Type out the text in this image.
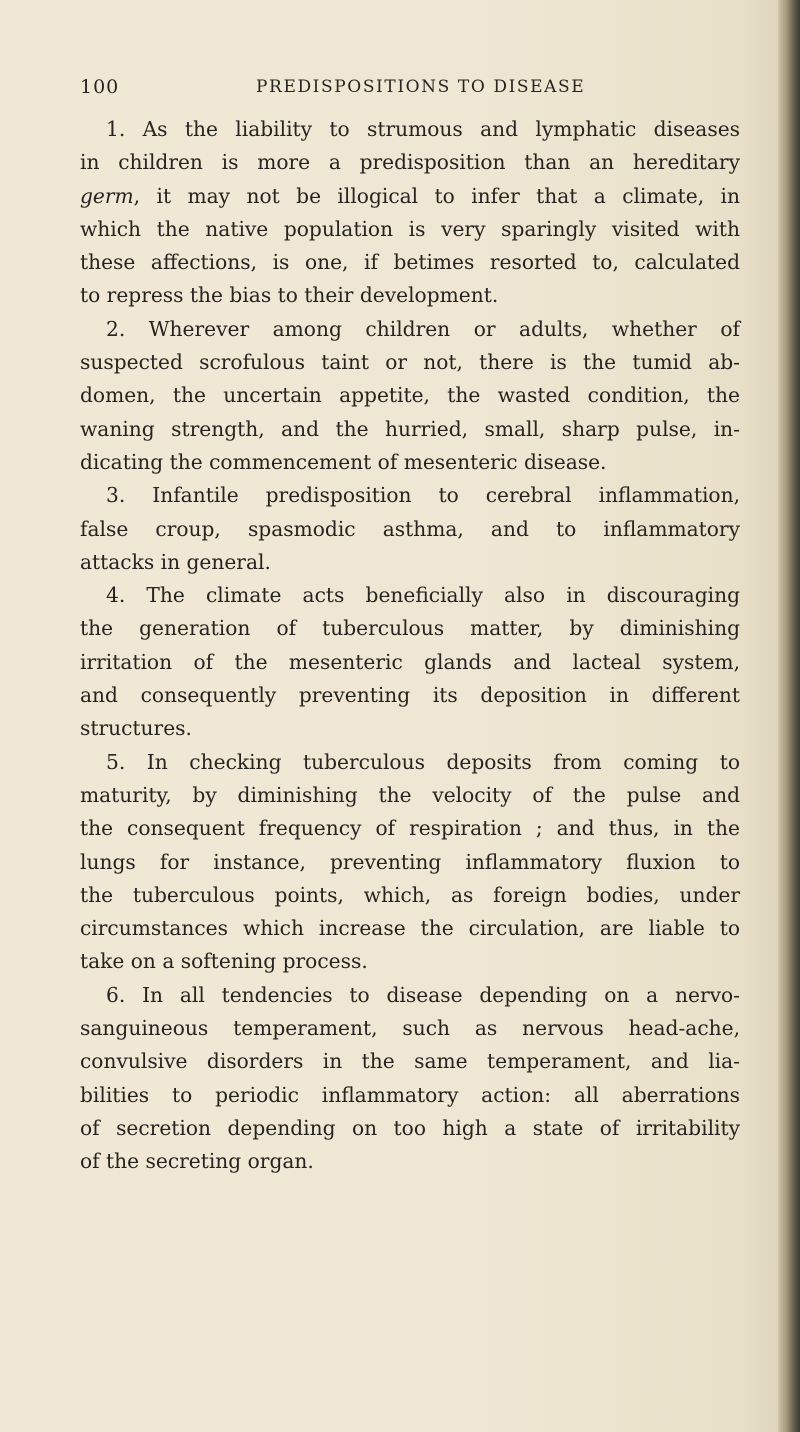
100	PREDISPOSITIONS TO DISEASE
1. As the liability to strumous and lymphatic diseases
in children is more a predisposition than an hereditary
germ, it may not be illogical to infer that a climate, in
which the native population is very sparingly visited with
these affections, is one, if betimes resorted to, calculated
to repress the bias to their development.
2. Wherever among children or adults, whether of
suspected scrofulous taint or not, there is the tumid ab-
domen, the uncertain appetite, the wasted condition, the
waning strength, and the hurried, small, sharp pulse, in-
dicating the commencement of mesenteric disease.
3. Infantile predisposition to cerebral inflammation,
false croup, spasmodic asthma, and to inflammatory
attacks in general.
4. The climate acts beneficially also in discouraging
the generation of tuberculous matter, by diminishing
irritation of the mesenteric glands and lacteal system,
and consequently preventing its deposition in different
structures.
5. In checking tuberculous deposits from coming to
maturity, by diminishing the velocity of the pulse and
the consequent frequency of respiration ; and thus, in the
lungs for instance, preventing inflammatory fluxion to
the tuberculous points, which, as foreign bodies, under
circumstances which increase the circulation, are liable to
take on a softening process.
6. In all tendencies to disease depending on a nervo-
sanguineous temperament, such as nervous head-ache,
convulsive disorders in the same temperament, and lia-
bilities to periodic inflammatory action: all aberrations
of secretion depending on too high a state of irritability
of the secreting organ.
